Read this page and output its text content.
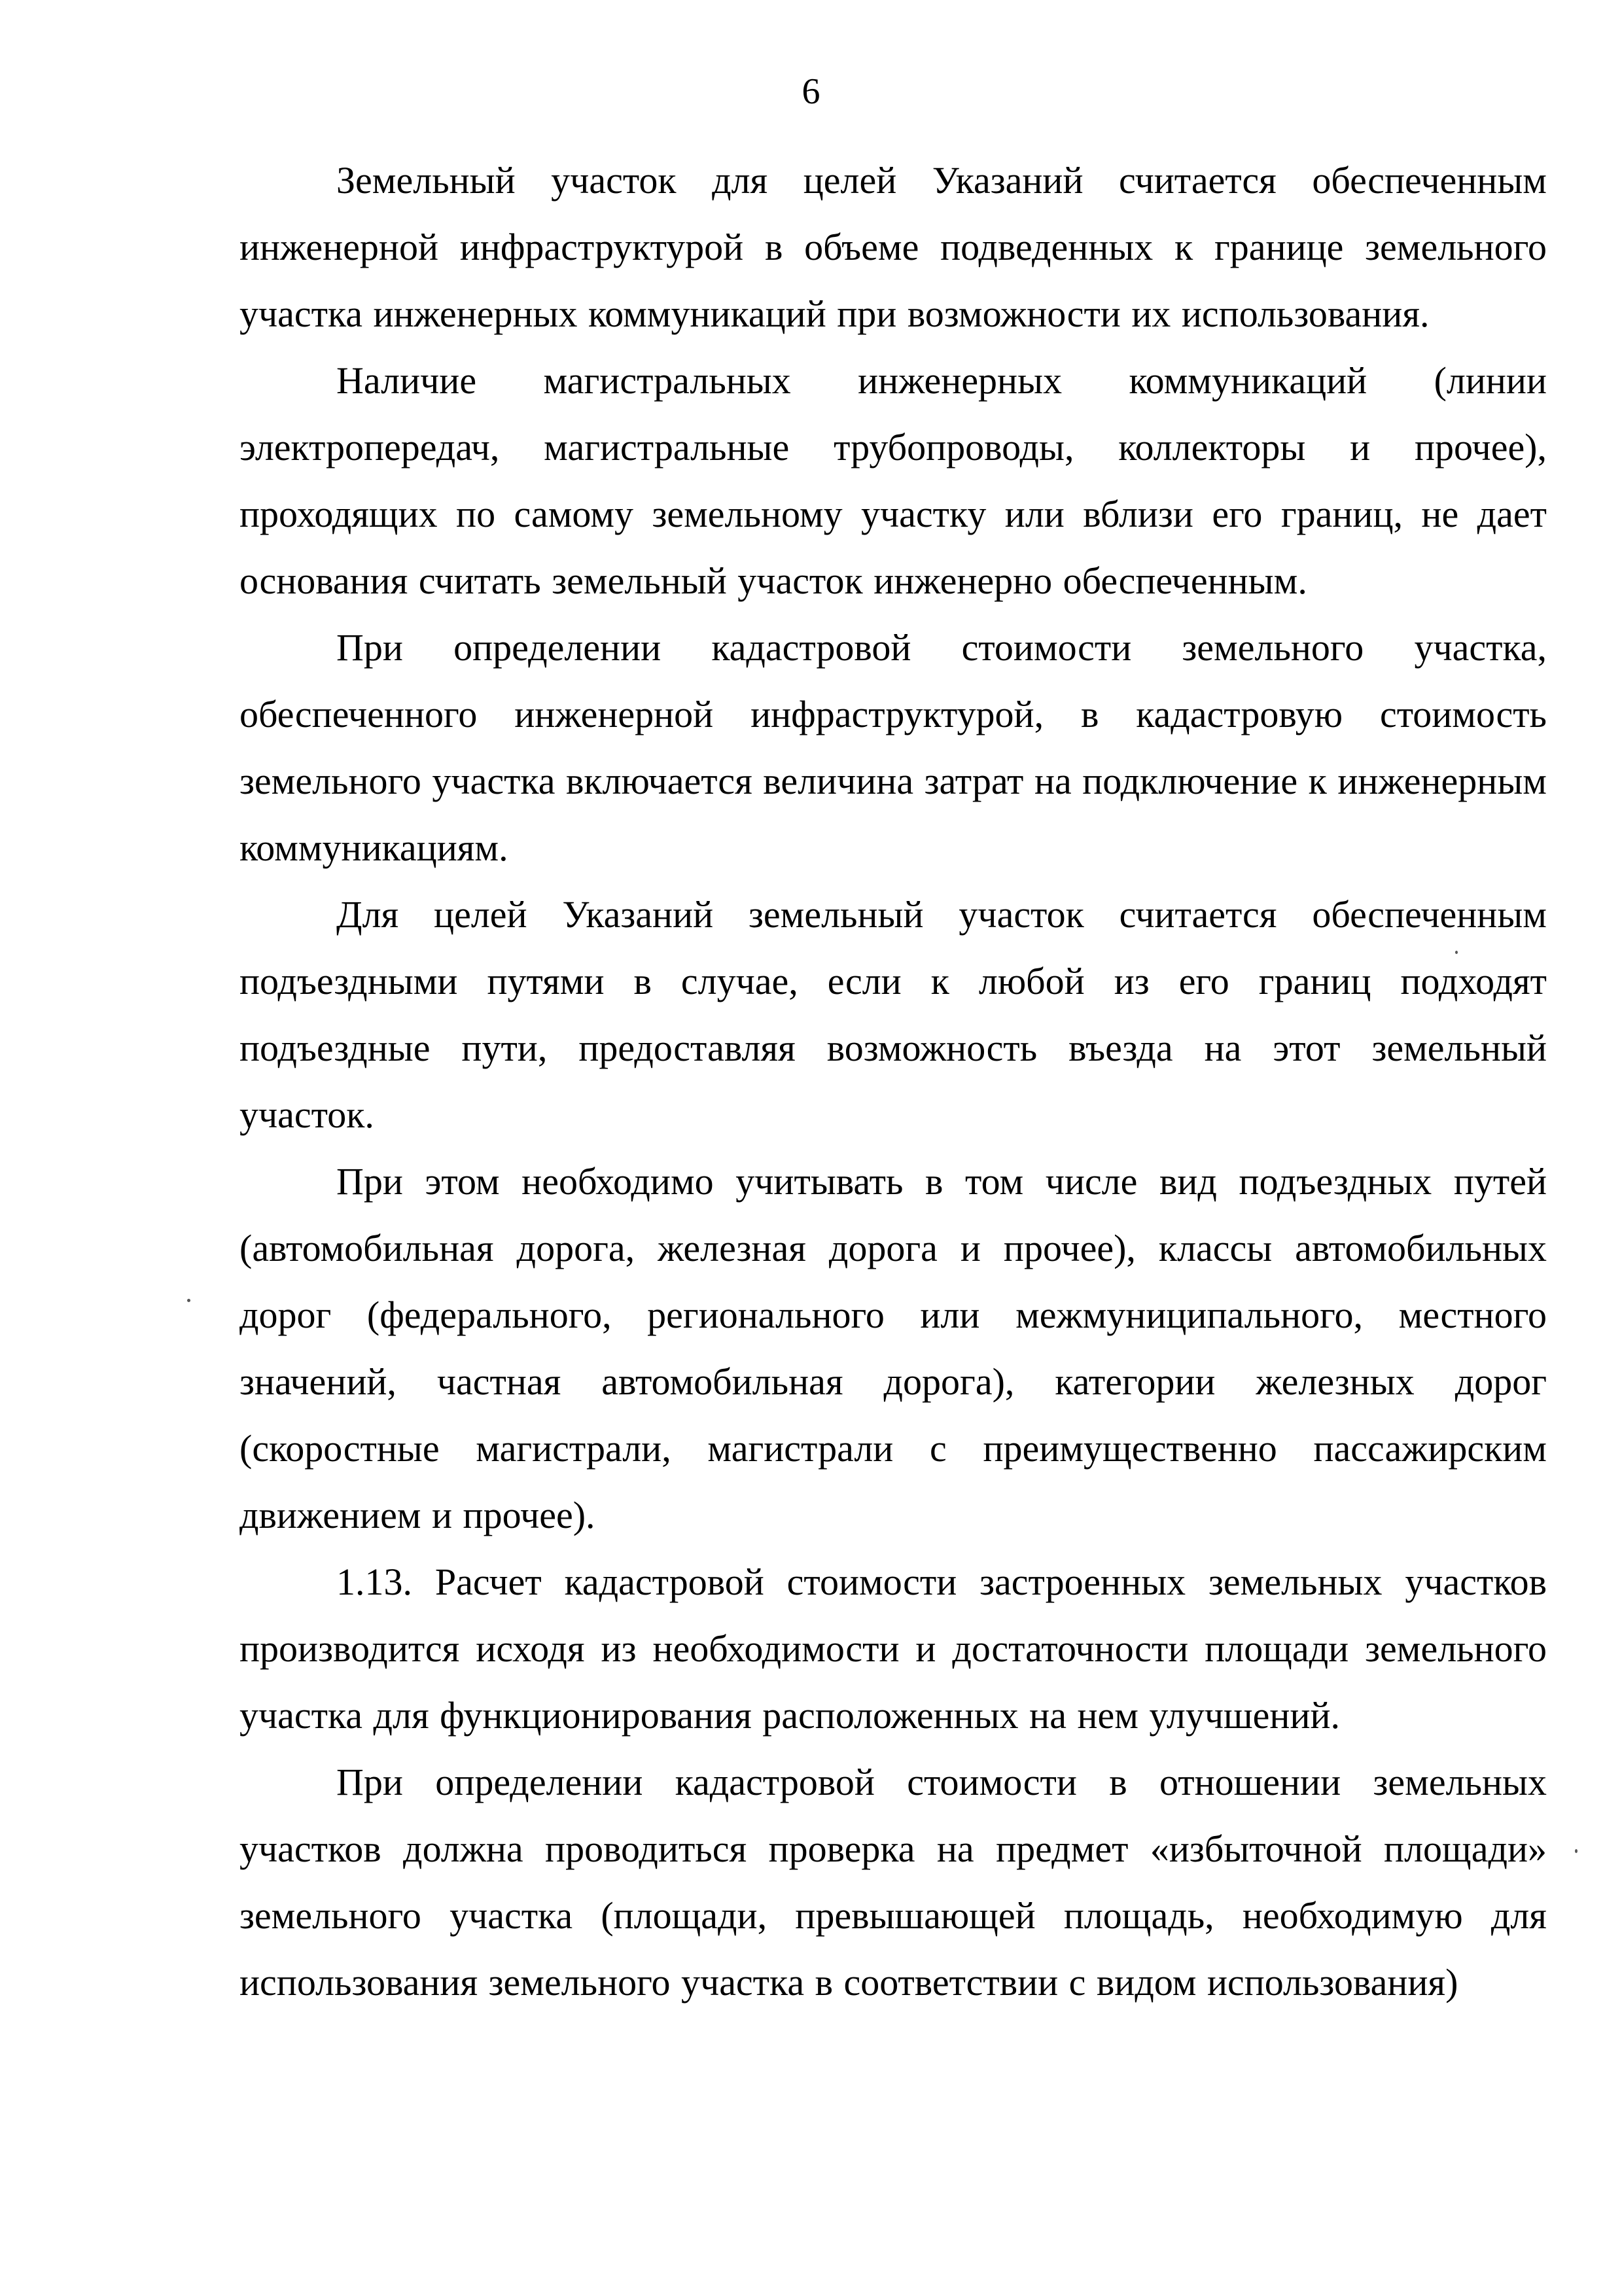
6

Земельный участок для целей Указаний считается обеспеченным инженерной инфраструктурой в объеме подведенных к границе земельного участка инженерных коммуникаций при возможности их использования.

Наличие магистральных инженерных коммуникаций (линии электропередач, магистральные трубопроводы, коллекторы и прочее), проходящих по самому земельному участку или вблизи его границ, не дает основания считать земельный участок инженерно обеспеченным.

При определении кадастровой стоимости земельного участка, обеспеченного инженерной инфраструктурой, в кадастровую стоимость земельного участка включается величина затрат на подключение к инженерным коммуникациям.

Для целей Указаний земельный участок считается обеспеченным подъездными путями в случае, если к любой из его границ подходят подъездные пути, предоставляя возможность въезда на этот земельный участок.

При этом необходимо учитывать в том числе вид подъездных путей (автомобильная дорога, железная дорога и прочее), классы автомобильных дорог (федерального, регионального или межмуниципального, местного значений, частная автомобильная дорога), категории железных дорог (скоростные магистрали, магистрали с преимущественно пассажирским движением и прочее).

1.13. Расчет кадастровой стоимости застроенных земельных участков производится исходя из необходимости и достаточности площади земельного участка для функционирования расположенных на нем улучшений.

При определении кадастровой стоимости в отношении земельных участков должна проводиться проверка на предмет «избыточной площади» земельного участка (площади, превышающей площадь, необходимую для использования земельного участка в соответствии с видом использования)
